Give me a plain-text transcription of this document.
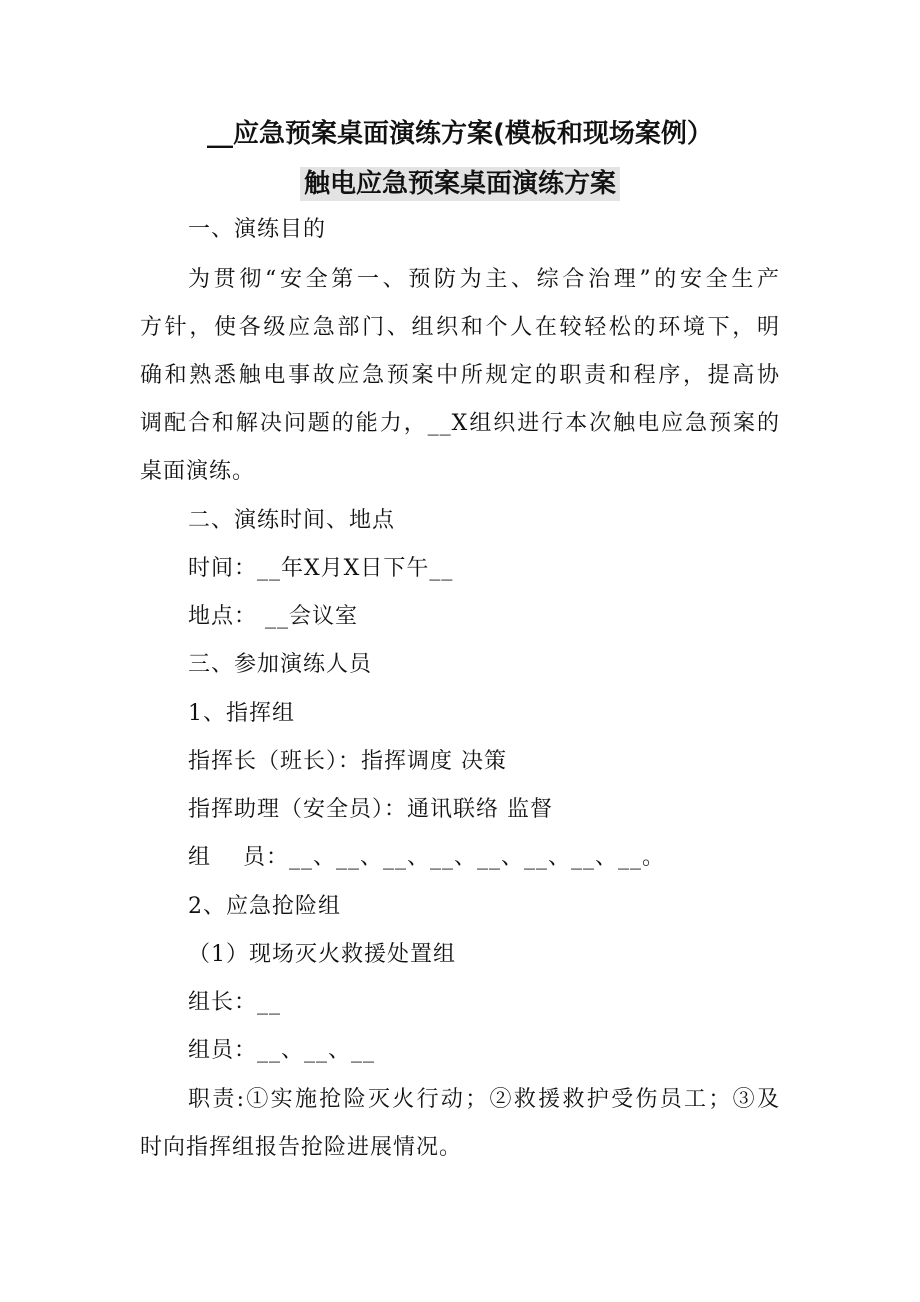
__应急预案桌面演练方案(模板和现场案例）
触电应急预案桌面演练方案
一、演练目的
为贯彻“安全第一、预防为主、综合治理”的安全生产
方针，使各级应急部门、组织和个人在较轻松的环境下，明
确和熟悉触电事故应急预案中所规定的职责和程序，提高协
调配合和解决问题的能力，__X组织进行本次触电应急预案的
桌面演练。
二、演练时间、地点
时间：__年X月X日下午__
地点： __会议室
三、参加演练人员
1、指挥组
指挥长（班长）：指挥调度 决策
指挥助理（安全员）：通讯联络 监督
组    员：__、__、__、__、__、__、__、__。
2、应急抢险组
（1）现场灭火救援处置组
组长：__
组员：__、__、__
职责:①实施抢险灭火行动；②救援救护受伤员工；③及
时向指挥组报告抢险进展情况。
